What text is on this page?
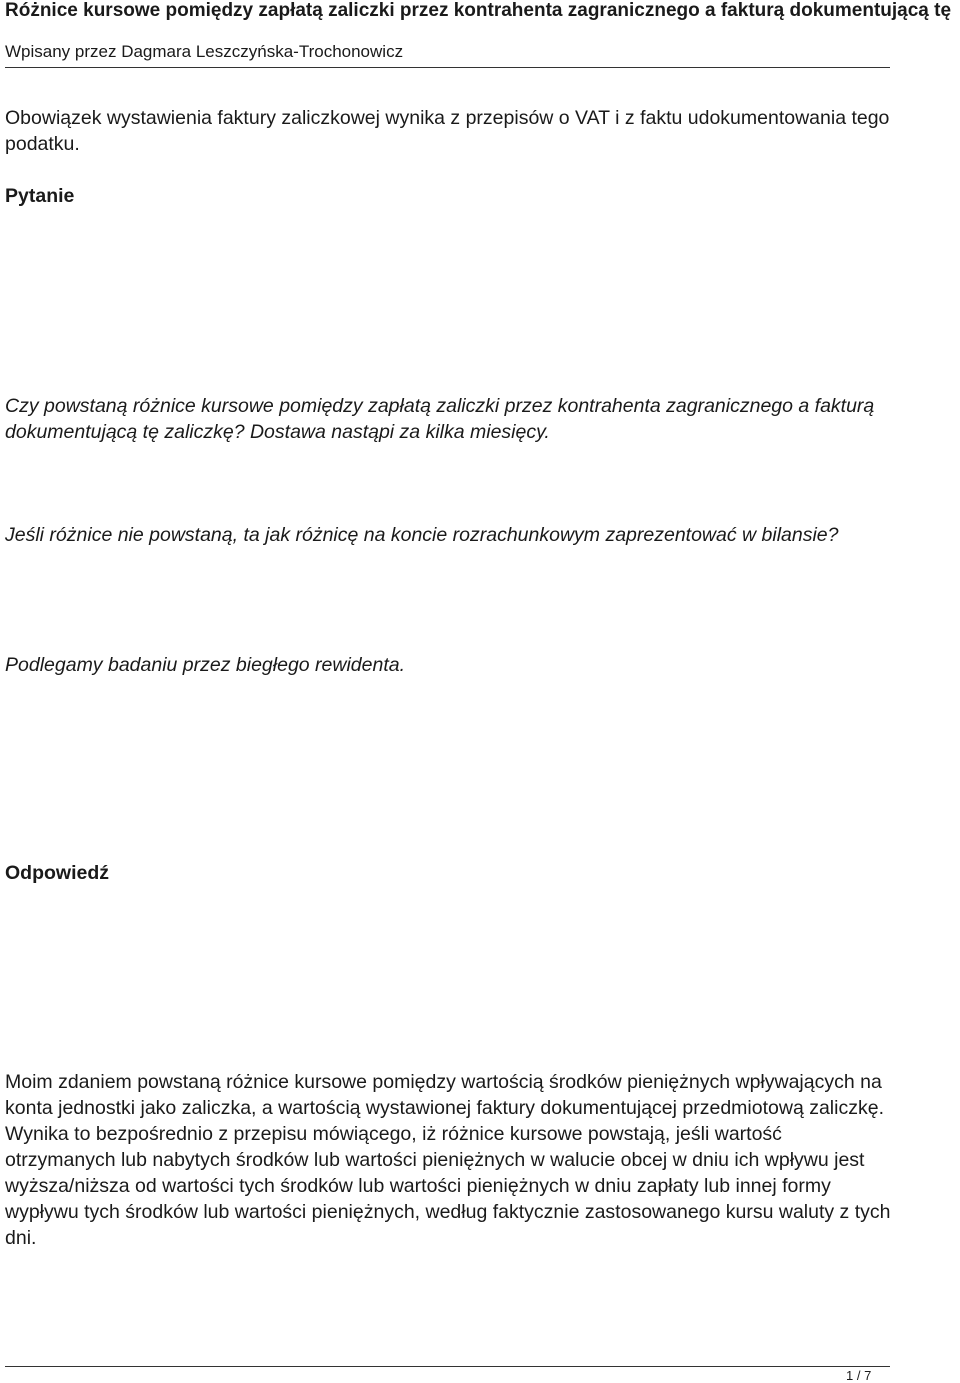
Różnice kursowe pomiędzy zapłatą zaliczki przez kontrahenta zagranicznego a fakturą dokumentującą tę
Wpisany przez Dagmara Leszczyńska-Trochonowicz

Obowiązek wystawienia faktury zaliczkowej wynika z przepisów o VAT i z faktu udokumentowania tego podatku.

Pytanie

Czy powstaną różnice kursowe pomiędzy zapłatą zaliczki przez kontrahenta zagranicznego a fakturą dokumentującą tę zaliczkę? Dostawa nastąpi za kilka miesięcy.

Jeśli różnice nie powstaną, ta jak różnicę na koncie rozrachunkowym zaprezentować w bilansie?

Podlegamy badaniu przez biegłego rewidenta.

Odpowiedź

Moim zdaniem powstaną różnice kursowe pomiędzy wartością środków pieniężnych wpływających na konta jednostki jako zaliczka, a wartością wystawionej faktury dokumentującej przedmiotową zaliczkę. Wynika to bezpośrednio z przepisu mówiącego, iż różnice kursowe powstają, jeśli wartość otrzymanych lub nabytych środków lub wartości pieniężnych w walucie obcej w dniu ich wpływu jest wyższa/niższa od wartości tych środków lub wartości pieniężnych w dniu zapłaty lub innej formy wypływu tych środków lub wartości pieniężnych, według faktycznie zastosowanego kursu waluty z tych dni.

1 / 7
